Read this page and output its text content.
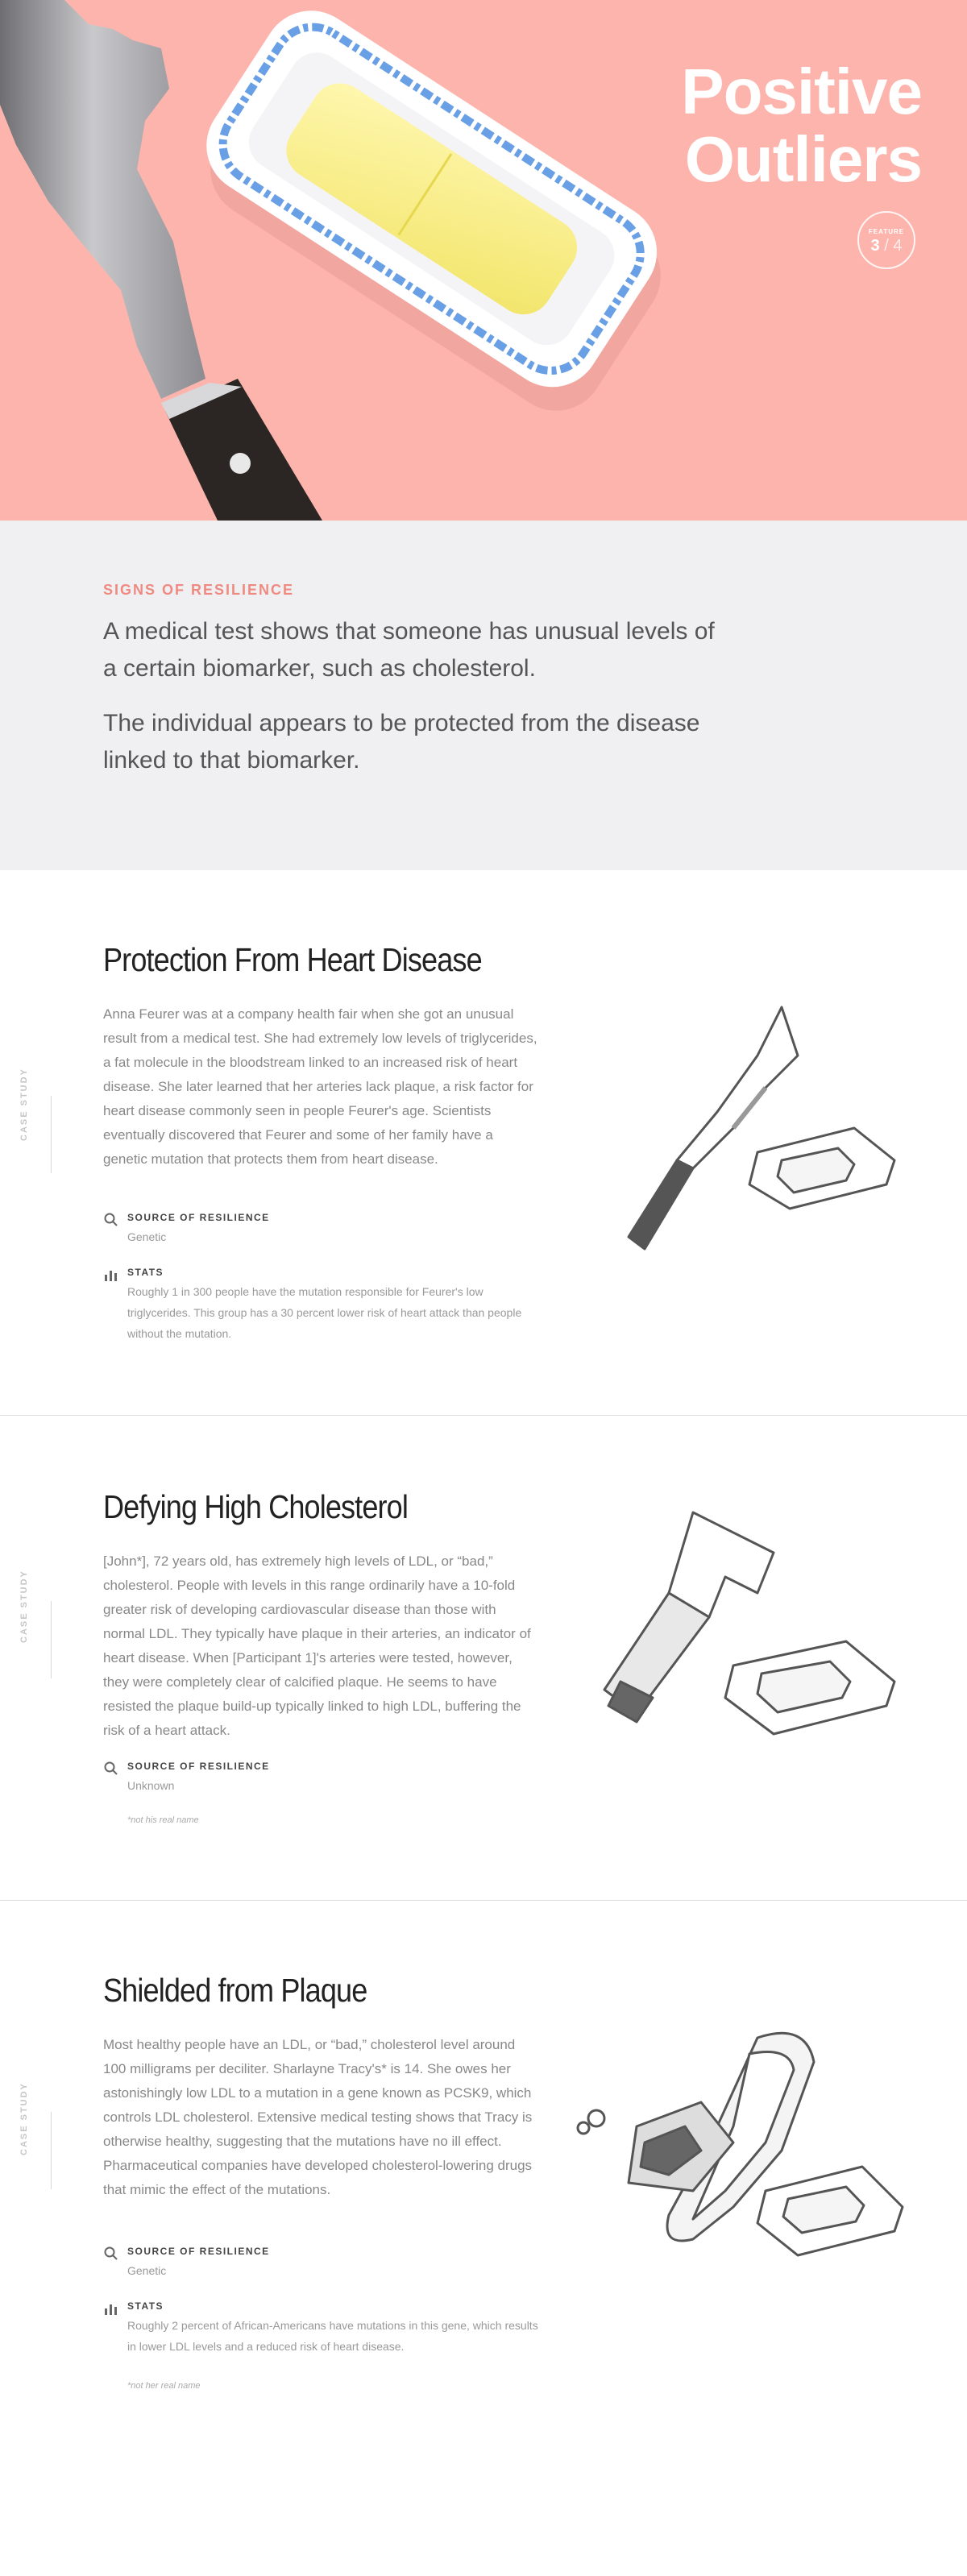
Positive
Outliers
FEATURE
3 / 4
SIGNS OF RESILIENCE

A medical test shows that someone has unusual levels of a certain biomarker, such as cholesterol.

The individual appears to be protected from the disease linked to that biomarker.

CASE STUDY
Protection From Heart Disease
Anna Feurer was at a company health fair when she got an unusual result from a medical test. She had extremely low levels of triglycerides, a fat molecule in the bloodstream linked to an increased risk of heart disease. She later learned that her arteries lack plaque, a risk factor for heart disease commonly seen in people Feurer's age. Scientists eventually discovered that Feurer and some of her family have a genetic mutation that protects them from heart disease.
SOURCE OF RESILIENCE
Genetic
STATS
Roughly 1 in 300 people have the mutation responsible for Feurer's low triglycerides. This group has a 30 percent lower risk of heart attack than people without the mutation.
CASE STUDY
Defying High Cholesterol
[John*], 72 years old, has extremely high levels of LDL, or “bad,” cholesterol. People with levels in this range ordinarily have a 10-fold greater risk of developing cardiovascular disease than those with normal LDL. They typically have plaque in their arteries, an indicator of heart disease. When [Participant 1]'s arteries were tested, however, they were completely clear of calcified plaque. He seems to have resisted the plaque build-up typically linked to high LDL, buffering the risk of a heart attack.
SOURCE OF RESILIENCE
Unknown
*not his real name
CASE STUDY
Shielded from Plaque
Most healthy people have an LDL, or “bad,” cholesterol level around 100 milligrams per deciliter. Sharlayne Tracy's* is 14. She owes her astonishingly low LDL to a mutation in a gene known as PCSK9, which controls LDL cholesterol. Extensive medical testing shows that Tracy is otherwise healthy, suggesting that the mutations have no ill effect. Pharmaceutical companies have developed cholesterol-lowering drugs that mimic the effect of the mutations.
SOURCE OF RESILIENCE
Genetic
STATS
Roughly 2 percent of African-Americans have mutations in this gene, which results in lower LDL levels and a reduced risk of heart disease.
*not her real name
